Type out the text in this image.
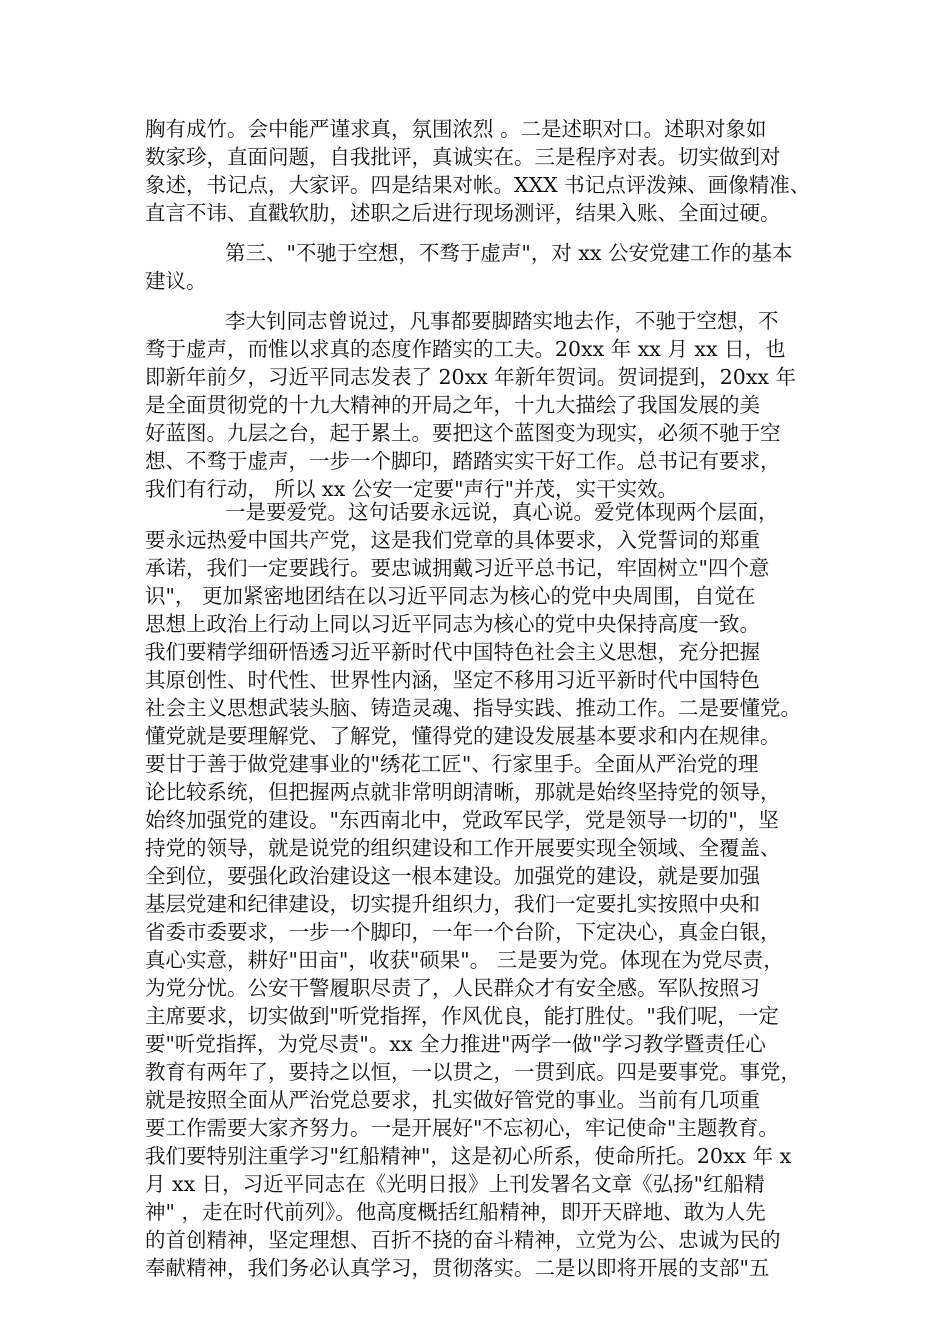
胸有成竹。会中能严谨求真，氛围浓烈 。二是述职对口。述职对象如
数家珍，直面问题，自我批评，真诚实在。三是程序对表。切实做到对
象述，书记点，大家评。四是结果对帐。XXX 书记点评泼辣、画像精准、
直言不讳、直戳软肋，述职之后进行现场测评，结果入账、全面过硬。
第三、"不驰于空想，不骛于虚声"，对 xx 公安党建工作的基本
建议。
李大钊同志曾说过，凡事都要脚踏实地去作，不驰于空想，不
骛于虚声，而惟以求真的态度作踏实的工夫。20xx 年 xx 月 xx 日，也
即新年前夕，习近平同志发表了 20xx 年新年贺词。贺词提到，20xx 年
是全面贯彻党的十九大精神的开局之年，十九大描绘了我国发展的美
好蓝图。九层之台，起于累土。要把这个蓝图变为现实，必须不驰于空
想、不骛于虚声，一步一个脚印，踏踏实实干好工作。总书记有要求，
我们有行动， 所以 xx 公安一定要"声行"并茂，实干实效。
一是要爱党。这句话要永远说，真心说。爱党体现两个层面，
要永远热爱中国共产党，这是我们党章的具体要求，入党誓词的郑重
承诺，我们一定要践行。要忠诚拥戴习近平总书记，牢固树立"四个意
识"， 更加紧密地团结在以习近平同志为核心的党中央周围，自觉在
思想上政治上行动上同以习近平同志为核心的党中央保持高度一致。
我们要精学细研悟透习近平新时代中国特色社会主义思想，充分把握
其原创性、时代性、世界性内涵，坚定不移用习近平新时代中国特色
社会主义思想武装头脑、铸造灵魂、指导实践、推动工作。二是要懂党。
懂党就是要理解党、了解党，懂得党的建设发展基本要求和内在规律。
要甘于善于做党建事业的"绣花工匠"、行家里手。全面从严治党的理
论比较系统，但把握两点就非常明朗清晰，那就是始终坚持党的领导，
始终加强党的建设。"东西南北中，党政军民学，党是领导一切的"，坚
持党的领导，就是说党的组织建设和工作开展要实现全领域、全覆盖、
全到位，要强化政治建设这一根本建设。加强党的建设，就是要加强
基层党建和纪律建设，切实提升组织力，我们一定要扎实按照中央和
省委市委要求，一步一个脚印，一年一个台阶，下定决心，真金白银，
真心实意，耕好"田亩"，收获"硕果"。 三是要为党。体现在为党尽责，
为党分忧。公安干警履职尽责了，人民群众才有安全感。军队按照习
主席要求，切实做到"听党指挥，作风优良，能打胜仗。"我们呢，一定
要"听党指挥，为党尽责"。xx 全力推进"两学一做"学习教学暨责任心
教育有两年了，要持之以恒，一以贯之，一贯到底。四是要事党。事党，
就是按照全面从严治党总要求，扎实做好管党的事业。当前有几项重
要工作需要大家齐努力。一是开展好"不忘初心，牢记使命"主题教育。
我们要特别注重学习"红船精神"，这是初心所系，使命所托。20xx 年 x
月 xx 日，习近平同志在《光明日报》上刊发署名文章《弘扬"红船精
神" ，走在时代前列》。他高度概括红船精神，即开天辟地、敢为人先
的首创精神，坚定理想、百折不挠的奋斗精神，立党为公、忠诚为民的
奉献精神，我们务必认真学习，贯彻落实。二是以即将开展的支部"五
